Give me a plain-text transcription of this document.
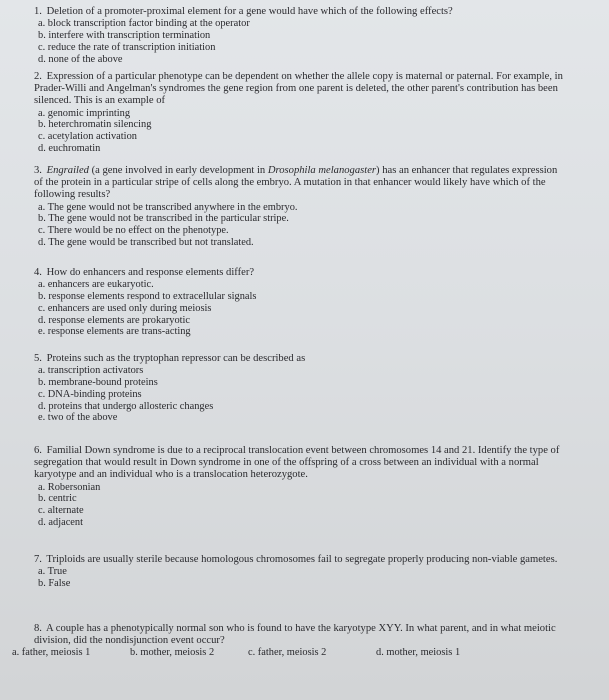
1. Deletion of a promoter-proximal element for a gene would have which of the following effects?

a. block transcription factor binding at the operator

b. interfere with transcription termination

c. reduce the rate of transcription initiation

d. none of the above

2. Expression of a particular phenotype can be dependent on whether the allele copy is maternal or paternal. For example, in Prader-Willi and Angelman's syndromes the gene region from one parent is deleted, the other parent's contribution has been silenced. This is an example of

a. genomic imprinting

b. heterchromatin silencing

c. acetylation activation

d. euchromatin

3. Engrailed (a gene involved in early development in Drosophila melanogaster) has an enhancer that regulates expression of the protein in a particular stripe of cells along the embryo. A mutation in that enhancer would likely have which of the following results?

a. The gene would not be transcribed anywhere in the embryo.

b. The gene would not be transcribed in the particular stripe.

c. There would be no effect on the phenotype.

d. The gene would be transcribed but not translated.

4. How do enhancers and response elements differ?

a. enhancers are eukaryotic.

b. response elements respond to extracellular signals

c. enhancers are used only during meiosis

d. response elements are prokaryotic

e. response elements are trans-acting

5. Proteins such as the tryptophan repressor can be described as

a. transcription activators

b. membrane-bound proteins

c. DNA-binding proteins

d. proteins that undergo allosteric changes

e. two of the above

6. Familial Down syndrome is due to a reciprocal translocation event between chromosomes 14 and 21. Identify the type of segregation that would result in Down syndrome in one of the offspring of a cross between an individual with a normal karyotype and an individual who is a translocation heterozygote.

a. Robersonian

b. centric

c. alternate

d. adjacent

7. Triploids are usually sterile because homologous chromosomes fail to segregate properly producing non-viable gametes.

a. True

b. False

8. A couple has a phenotypically normal son who is found to have the karyotype XYY. In what parent, and in what meiotic division, did the nondisjunction event occur?

a. father, meiosis 1	b. mother, meiosis 2	c. father, meiosis 2	d. mother, meiosis 1
